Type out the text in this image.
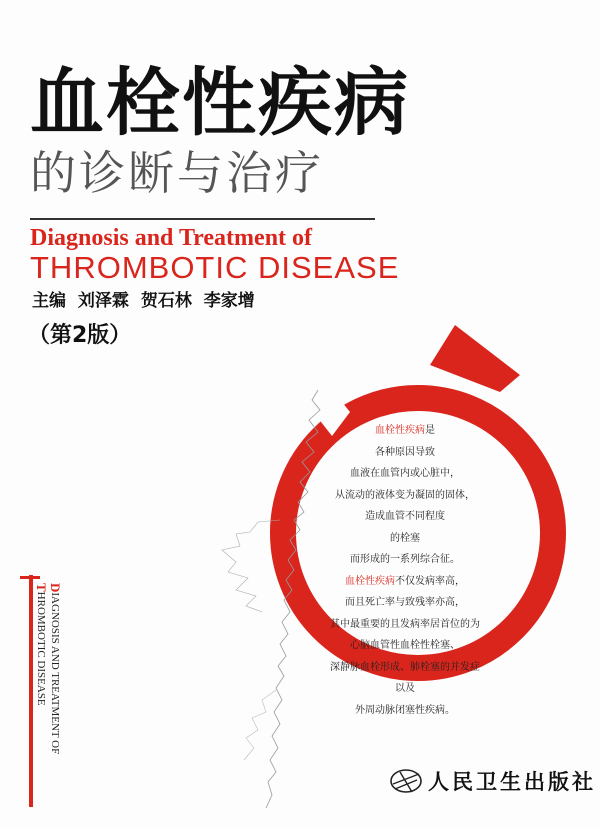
血栓性疾病
的诊断与治疗
Diagnosis and Treatment of
THROMBOTIC DISEASE
主编 刘泽霖 贺石林 李家增
（第2版）

血栓性疾病是

各种原因导致

血液在血管内或心脏中，

从流动的液体变为凝固的固体，

造成血管不同程度

的栓塞

而形成的一系列综合征。

血栓性疾病不仅发病率高，

而且死亡率与致残率亦高，

其中最重要的且发病率居首位的为

心脑血管性血栓性栓塞、

深静脉血栓形成、肺栓塞的并发症

以及

外周动脉闭塞性疾病。

DIAGNOSIS AND TREATMENT OF
THROMBOTIC DISEASE
人民卫生出版社
